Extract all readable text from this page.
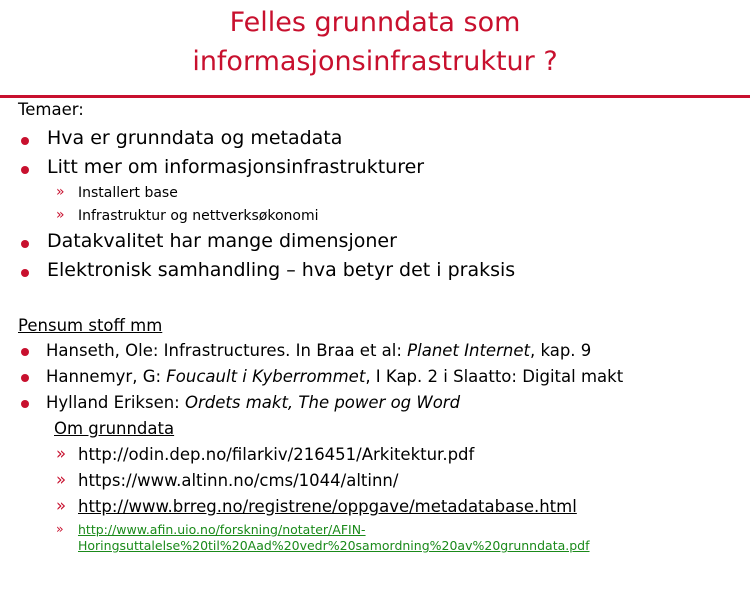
Felles grunndata som
informasjonsinfrastruktur ?
Temaer:
Hva er grunndata og metadata
Litt mer om informasjonsinfrastrukturer
» Installert base
» Infrastruktur og nettverksøkonomi
Datakvalitet har mange dimensjoner
Elektronisk samhandling – hva betyr det i praksis
Pensum stoff mm
Hanseth, Ole: Infrastructures. In Braa et al: Planet Internet, kap. 9
Hannemyr, G: Foucault i Kyberrommet, I Kap. 2 i Slaatto: Digital makt
Hylland Eriksen: Ordets makt, The power og Word
Om grunndata
» http://odin.dep.no/filarkiv/216451/Arkitektur.pdf
» https://www.altinn.no/cms/1044/altinn/
» http://www.brreg.no/registrene/oppgave/metadatabase.html
» http://www.afin.uio.no/forskning/notater/AFIN-
Horingsuttalelse%20til%20Aad%20vedr%20samordning%20av%20grunndata.pdf
